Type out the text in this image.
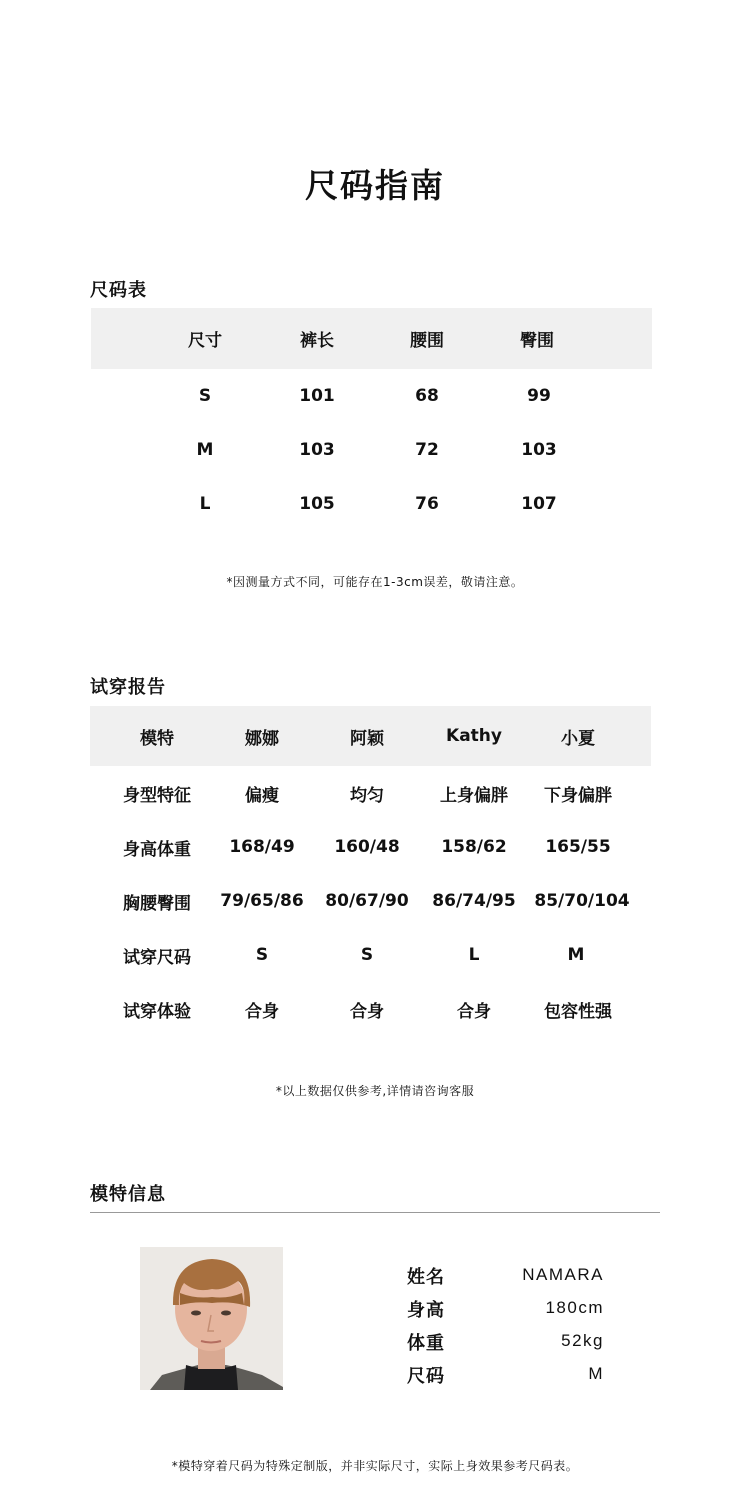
尺码指南
尺码表
尺寸	裤长	腰围	臀围
S	101	68	99
M	103	72	103
L	105	76	107
*因测量方式不同，可能存在1-3cm误差，敬请注意。
试穿报告
模特	娜娜	阿颖	Kathy	小夏
身型特征	偏瘦	均匀	上身偏胖 下身偏胖
身高体重 168/49 160/48 158/62 165/55
胸腰臀围 79/65/86 80/67/90 86/74/95 85/70/104
试穿尺码	S	S	L	M
试穿体验	合身	合身	合身	包容性强
*以上数据仅供参考,详情请咨询客服
模特信息
姓名	NAMARA
身高	180cm
体重	52kg
尺码	M
*模特穿着尺码为特殊定制版，并非实际尺寸，实际上身效果参考尺码表。
